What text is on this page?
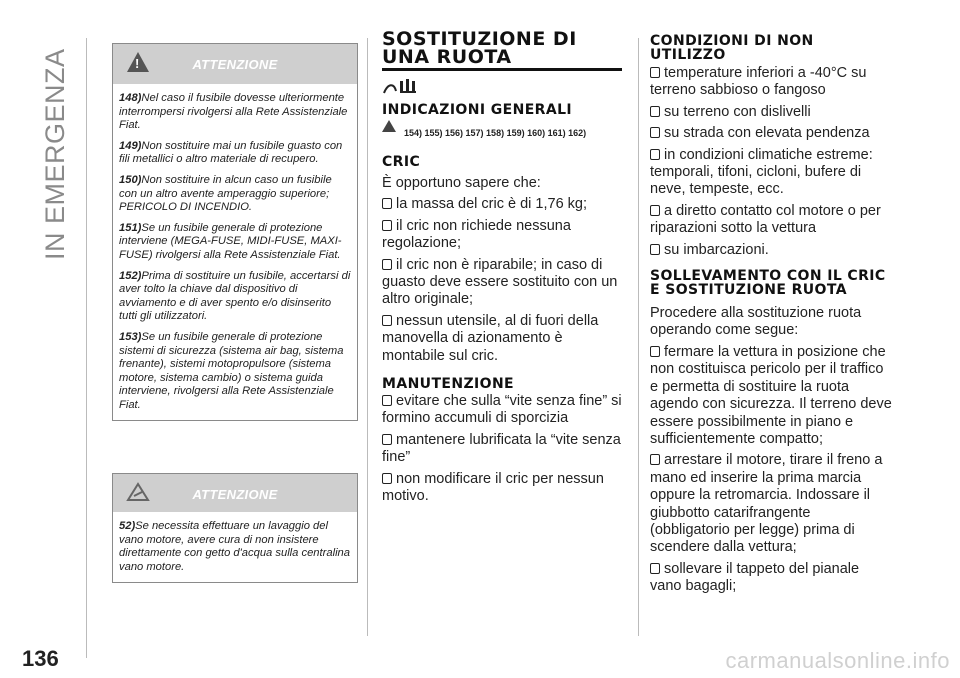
IN EMERGENZA
136
!	ATTENZIONE

148)Nel caso il fusibile dovesse ulteriormente interrompersi rivolgersi alla Rete Assistenziale Fiat.

149)Non sostituire mai un fusibile guasto con fili metallici o altro materiale di recupero.

150)Non sostituire in alcun caso un fusibile con un altro avente amperaggio superiore; PERICOLO DI INCENDIO.

151)Se un fusibile generale di protezione interviene (MEGA-FUSE, MIDI-FUSE, MAXI-FUSE) rivolgersi alla Rete Assistenziale Fiat.

152)Prima di sostituire un fusibile, accertarsi di aver tolto la chiave dal dispositivo di avviamento e di aver spento e/o disinserito tutti gli utilizzatori.

153)Se un fusibile generale di protezione sistemi di sicurezza (sistema air bag, sistema frenante), sistemi motopropulsore (sistema motore, sistema cambio) o sistema guida interviene, rivolgersi alla Rete Assistenziale Fiat.

ATTENZIONE

52)Se necessita effettuare un lavaggio del vano motore, avere cura di non insistere direttamente con getto d'acqua sulla centralina vano motore.

SOSTITUZIONE DI UNA RUOTA
INDICAZIONI GENERALI
154) 155) 156) 157) 158) 159) 160) 161) 162)
CRIC

È opportuno sapere che:

la massa del cric è di 1,76 kg;

il cric non richiede nessuna regolazione;

il cric non è riparabile; in caso di guasto deve essere sostituito con un altro originale;

nessun utensile, al di fuori della manovella di azionamento è montabile sul cric.

MANUTENZIONE

evitare che sulla “vite senza fine” si formino accumuli di sporcizia

mantenere lubrificata la “vite senza fine”

non modificare il cric per nessun motivo.

CONDIZIONI DI NON UTILIZZO

temperature inferiori a -40°C su terreno sabbioso o fangoso

su terreno con dislivelli

su strada con elevata pendenza

in condizioni climatiche estreme: temporali, tifoni, cicloni, bufere di neve, tempeste, ecc.

a diretto contatto col motore o per riparazioni sotto la vettura

su imbarcazioni.

SOLLEVAMENTO CON IL CRIC E SOSTITUZIONE RUOTA

Procedere alla sostituzione ruota operando come segue:

fermare la vettura in posizione che non costituisca pericolo per il traffico e permetta di sostituire la ruota agendo con sicurezza. Il terreno deve essere possibilmente in piano e sufficientemente compatto;

arrestare il motore, tirare il freno a mano ed inserire la prima marcia oppure la retromarcia. Indossare il giubbotto catarifrangente (obbligatorio per legge) prima di scendere dalla vettura;

sollevare il tappeto del pianale vano bagagli;

carmanualsonline.info
